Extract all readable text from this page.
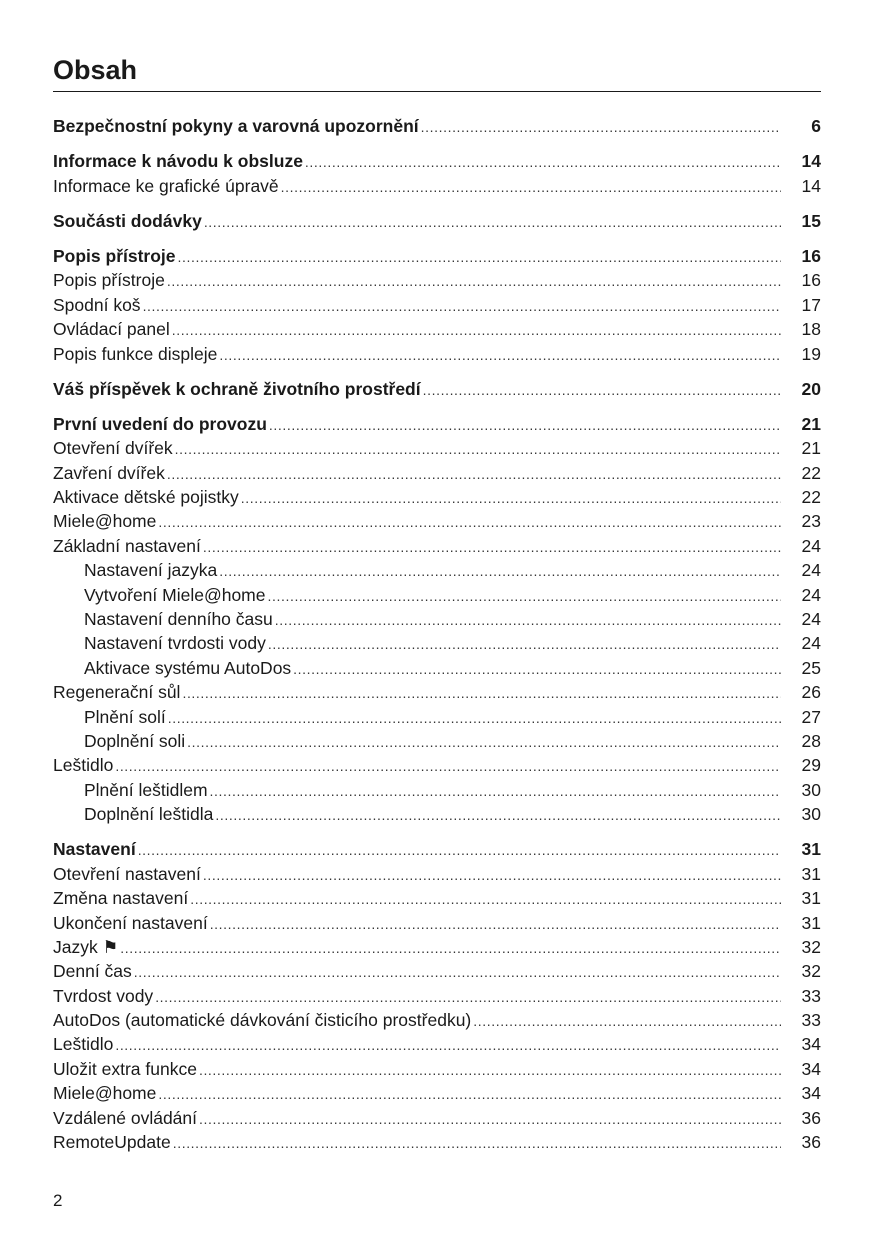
Obsah
Bezpečnostní pokyny a varovná upozornění .....	6
Informace k návodu k obsluze .....	14
Informace ke grafické úpravě .....	14
Součásti dodávky .....	15
Popis přístroje .....	16
Popis přístroje .....	16
Spodní koš .....	17
Ovládací panel .....	18
Popis funkce displeje .....	19
Váš příspěvek k ochraně životního prostředí .....	20
První uvedení do provozu .....	21
Otevření dvířek .....	21
Zavření dvířek .....	22
Aktivace dětské pojistky .....	22
Miele@home .....	23
Základní nastavení .....	24
Nastavení jazyka .....	24
Vytvoření Miele@home .....	24
Nastavení denního času .....	24
Nastavení tvrdosti vody .....	24
Aktivace systému AutoDos .....	25
Regenerační sůl .....	26
Plnění solí .....	27
Doplnění soli .....	28
Leštidlo .....	29
Plnění leštidlem .....	30
Doplnění leštidla .....	30
Nastavení .....	31
Otevření nastavení .....	31
Změna nastavení .....	31
Ukončení nastavení .....	31
Jazyk ⚑ .....	32
Denní čas .....	32
Tvrdost vody .....	33
AutoDos (automatické dávkování čisticího prostředku) .....	33
Leštidlo .....	34
Uložit extra funkce .....	34
Miele@home .....	34
Vzdálené ovládání .....	36
RemoteUpdate .....	36
2
